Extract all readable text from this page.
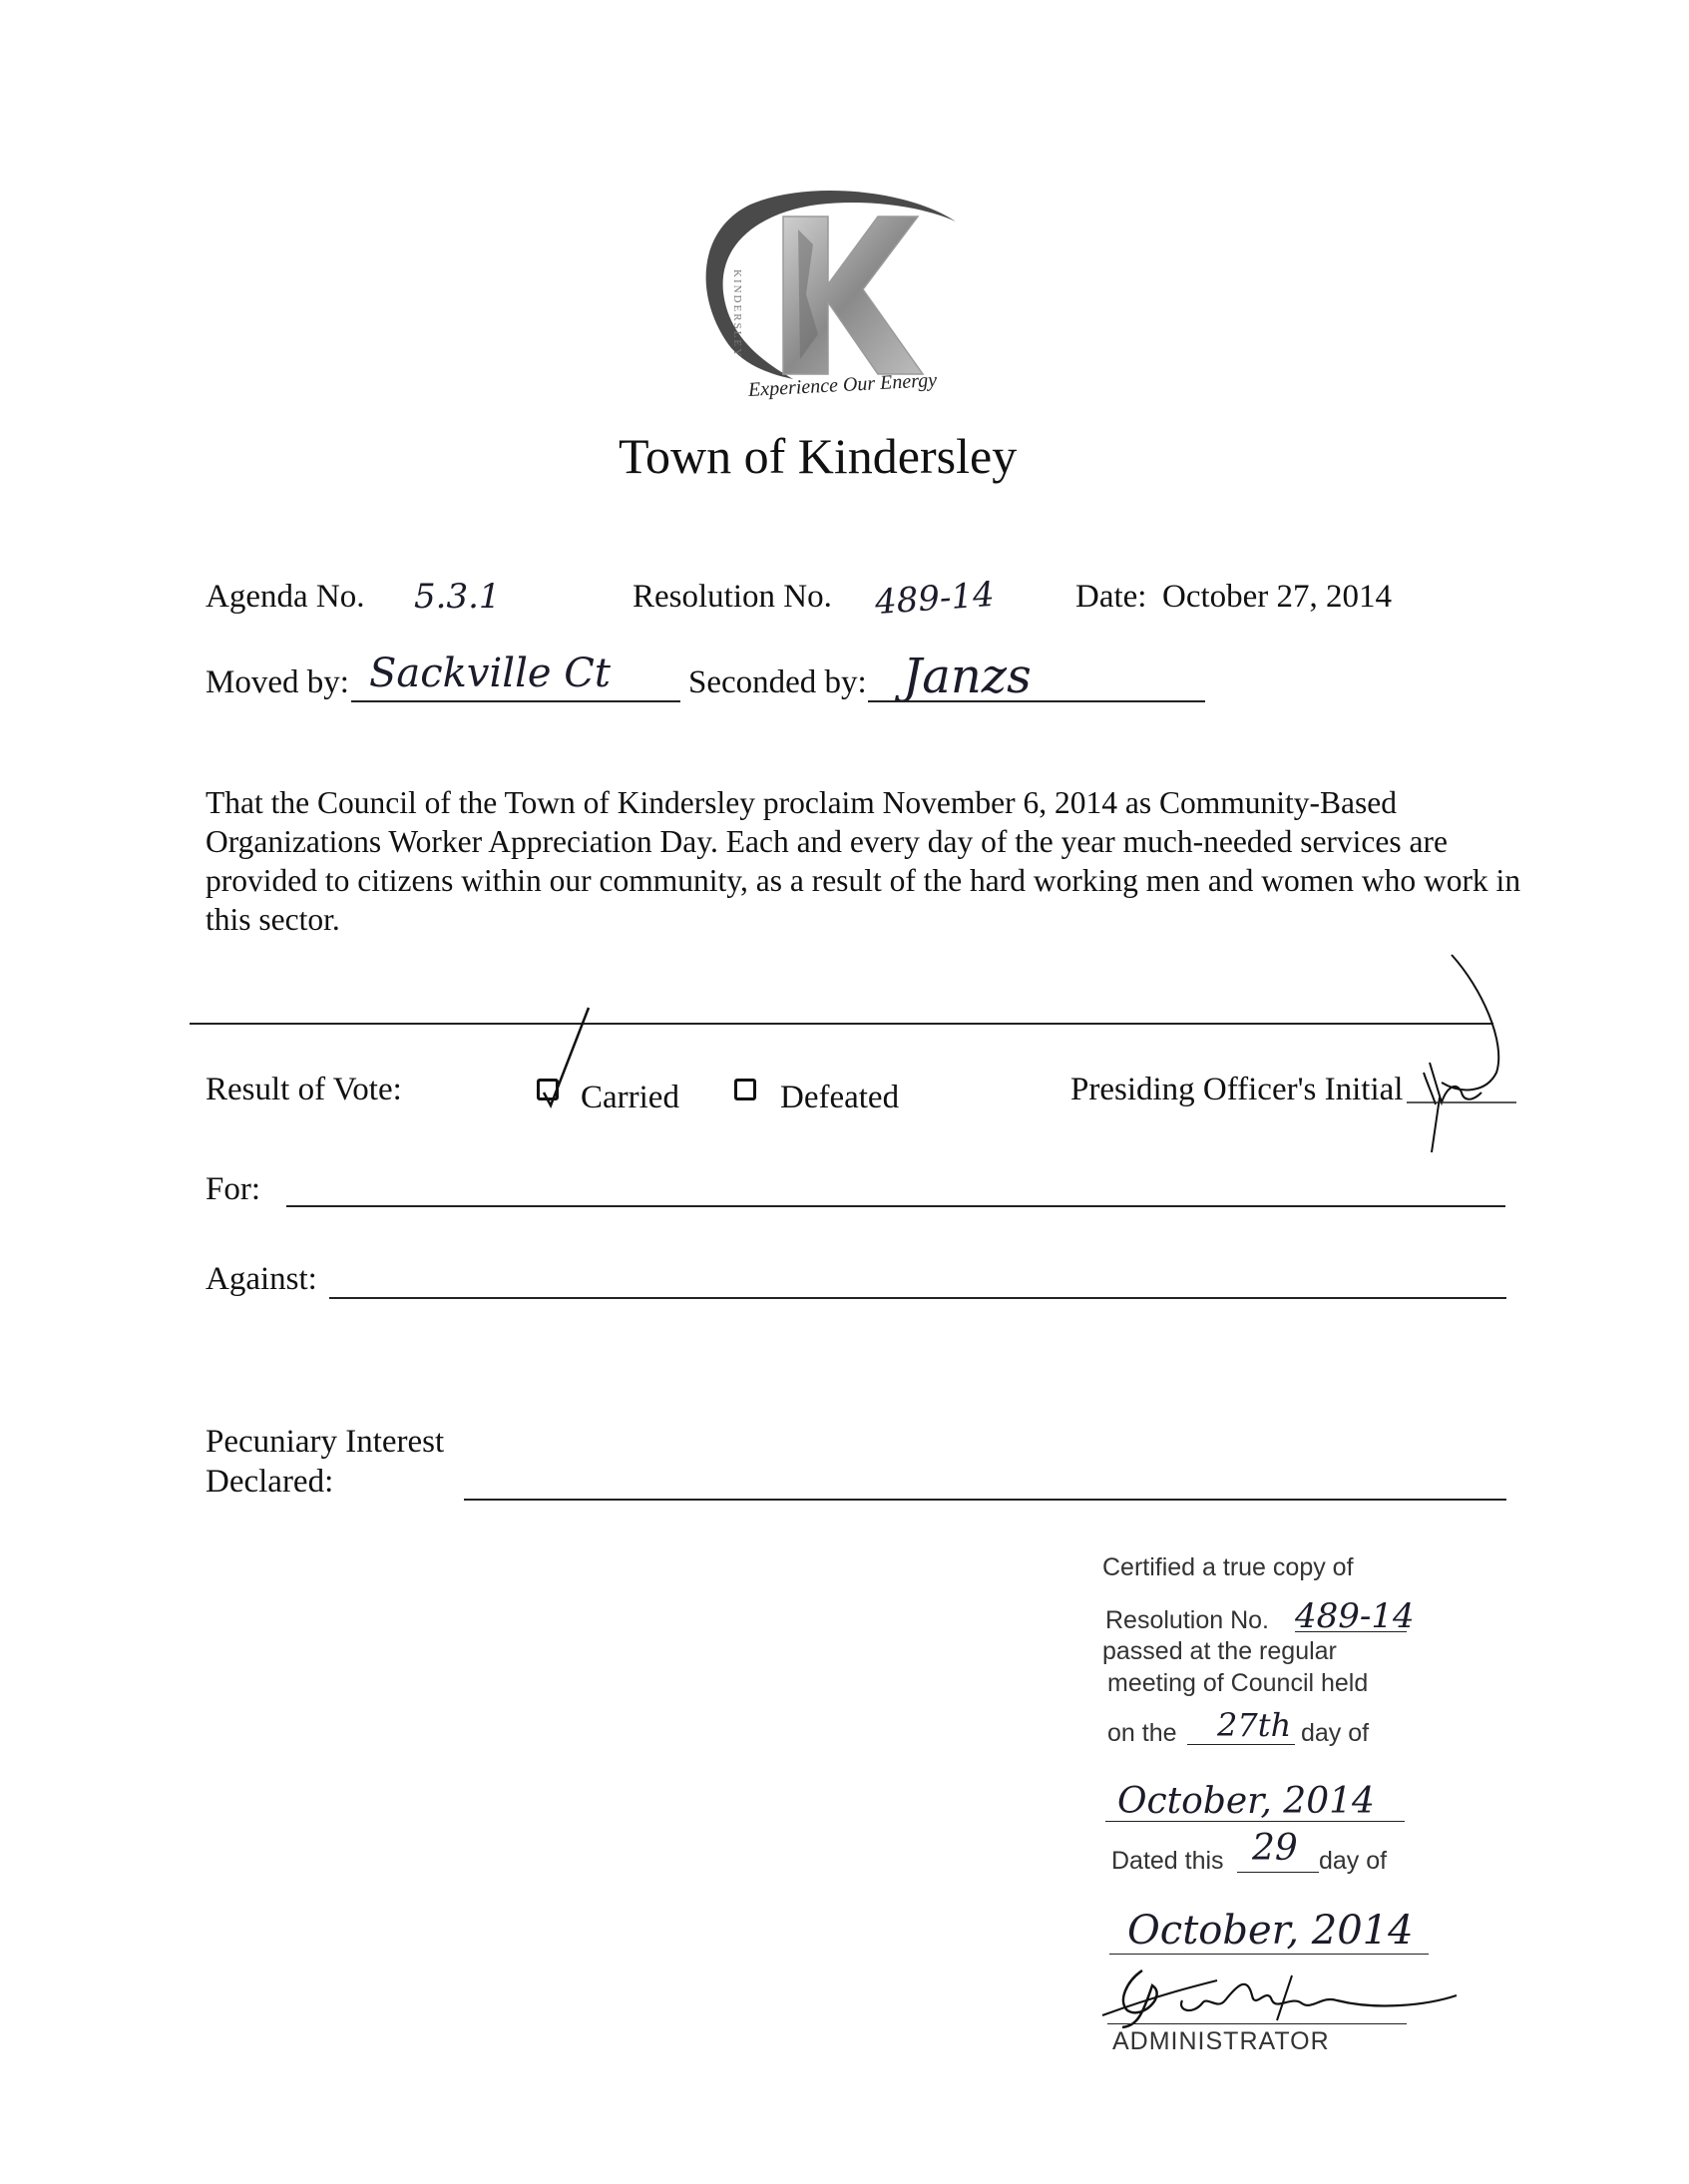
KINDERSLEY
Experience Our Energy
Town of Kindersley
Agenda No. 5.3.1	Resolution No. 489-14 Date: October 27, 2014
Moved by: Sackville Ct Seconded by: Janzs
That the Council of the Town of Kindersley proclaim November 6, 2014 as Community-Based Organizations Worker Appreciation Day. Each and every day of the year much-needed services are provided to citizens within our community, as a result of the hard working men and women who work in this sector.
Result of Vote:	Carried	Defeated	Presiding Officer's Initial
For:
Against:
Pecuniary Interest
Declared:
Certified a true copy of
Resolution No. 489-14
passed at the regular
meeting of Council held
on the 27th day of
October, 2014
Dated this 29 day of
October, 2014
ADMINISTRATOR
